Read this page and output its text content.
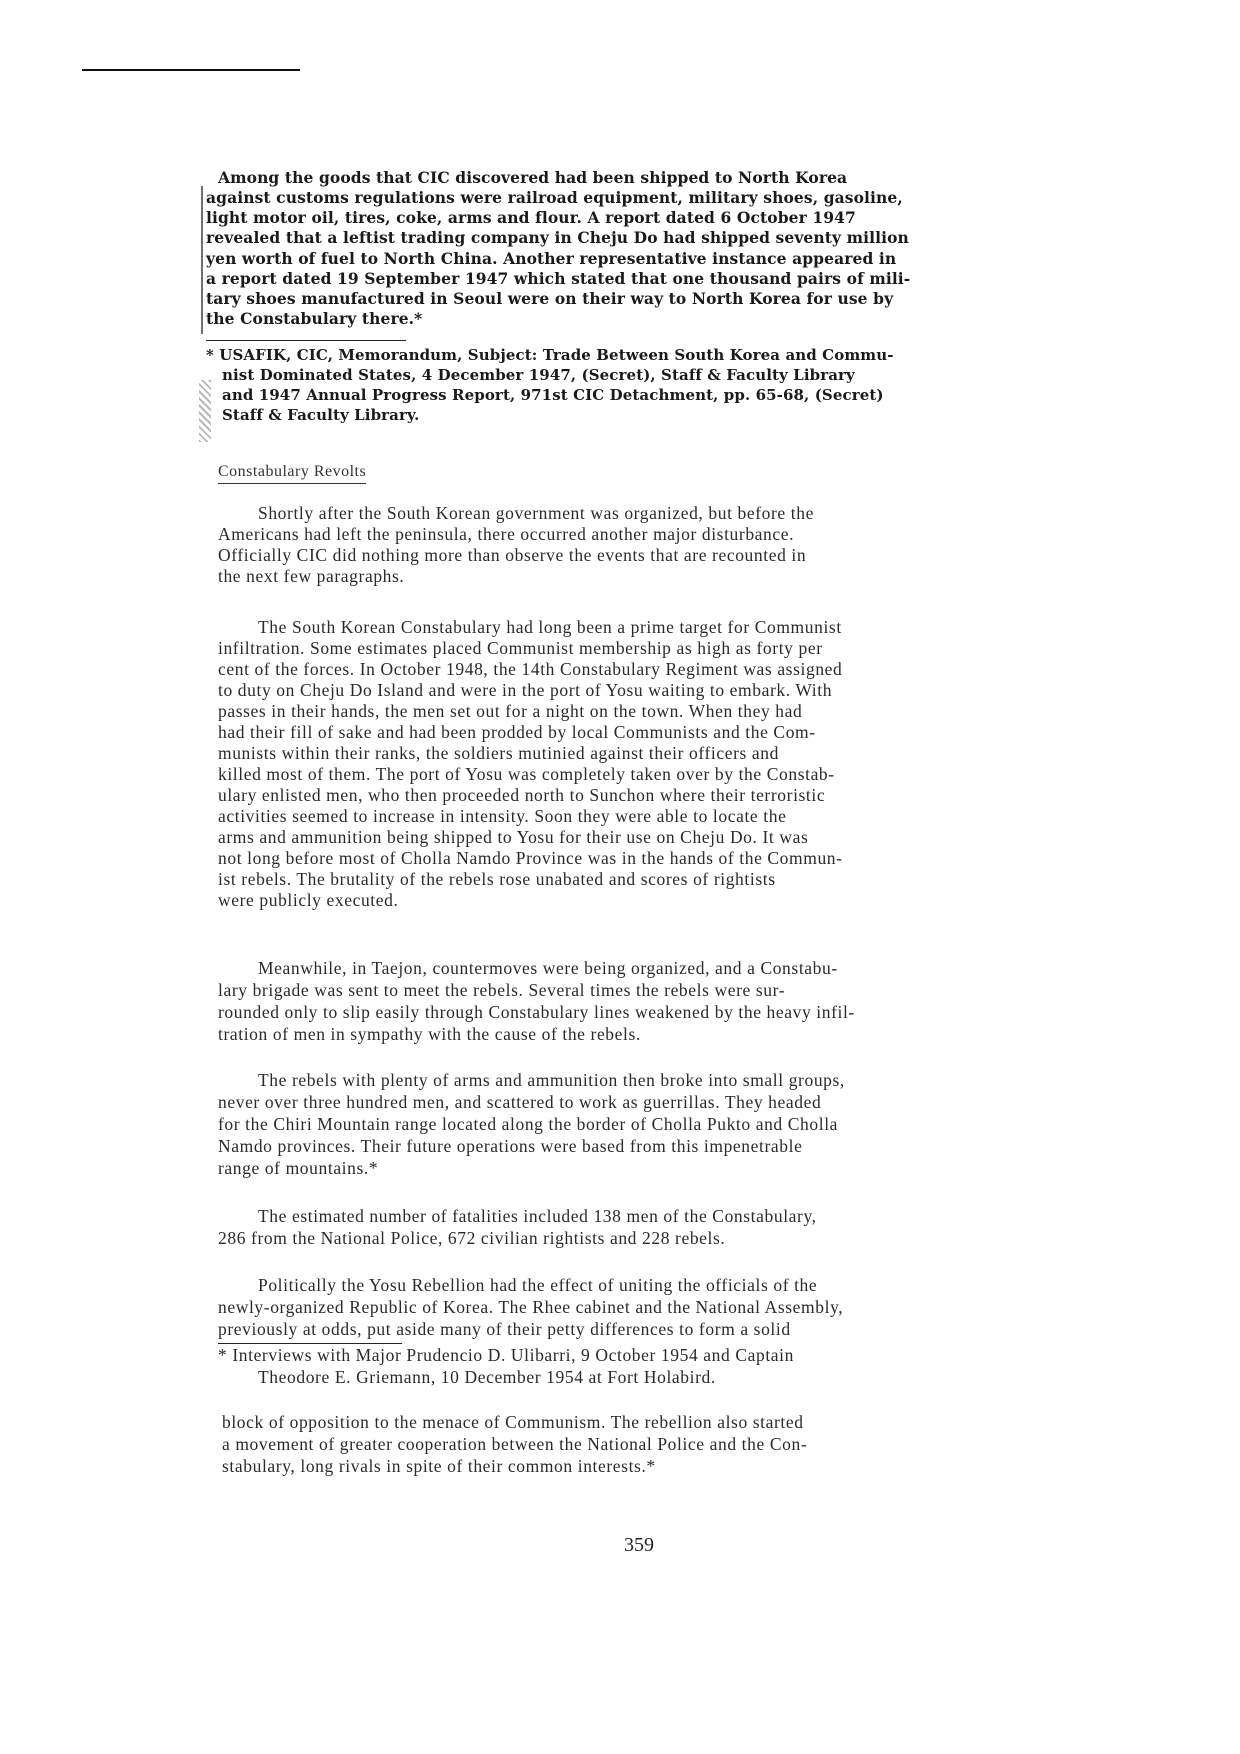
Among the goods that CIC discovered had been shipped to North Korea
against customs regulations were railroad equipment, military shoes, gasoline,
light motor oil, tires, coke, arms and flour. A report dated 6 October 1947
revealed that a leftist trading company in Cheju Do had shipped seventy million
yen worth of fuel to North China. Another representative instance appeared in
a report dated 19 September 1947 which stated that one thousand pairs of mili-
tary shoes manufactured in Seoul were on their way to North Korea for use by
the Constabulary there.*
* USAFIK, CIC, Memorandum, Subject: Trade Between South Korea and Commu-
nist Dominated States, 4 December 1947, (Secret), Staff & Faculty Library
and 1947 Annual Progress Report, 971st CIC Detachment, pp. 65-68, (Secret)
Staff & Faculty Library.
Constabulary Revolts
Shortly after the South Korean government was organized, but before the
Americans had left the peninsula, there occurred another major disturbance.
Officially CIC did nothing more than observe the events that are recounted in
the next few paragraphs.
The South Korean Constabulary had long been a prime target for Communist
infiltration. Some estimates placed Communist membership as high as forty per
cent of the forces. In October 1948, the 14th Constabulary Regiment was assigned
to duty on Cheju Do Island and were in the port of Yosu waiting to embark. With
passes in their hands, the men set out for a night on the town. When they had
had their fill of sake and had been prodded by local Communists and the Com-
munists within their ranks, the soldiers mutinied against their officers and
killed most of them. The port of Yosu was completely taken over by the Constab-
ulary enlisted men, who then proceeded north to Sunchon where their terroristic
activities seemed to increase in intensity. Soon they were able to locate the
arms and ammunition being shipped to Yosu for their use on Cheju Do. It was
not long before most of Cholla Namdo Province was in the hands of the Commun-
ist rebels. The brutality of the rebels rose unabated and scores of rightists
were publicly executed.
Meanwhile, in Taejon, countermoves were being organized, and a Constabu-
lary brigade was sent to meet the rebels. Several times the rebels were sur-
rounded only to slip easily through Constabulary lines weakened by the heavy infil-
tration of men in sympathy with the cause of the rebels.
The rebels with plenty of arms and ammunition then broke into small groups,
never over three hundred men, and scattered to work as guerrillas. They headed
for the Chiri Mountain range located along the border of Cholla Pukto and Cholla
Namdo provinces. Their future operations were based from this impenetrable
range of mountains.*
The estimated number of fatalities included 138 men of the Constabulary,
286 from the National Police, 672 civilian rightists and 228 rebels.
Politically the Yosu Rebellion had the effect of uniting the officials of the
newly-organized Republic of Korea. The Rhee cabinet and the National Assembly,
previously at odds, put aside many of their petty differences to form a solid
* Interviews with Major Prudencio D. Ulibarri, 9 October 1954 and Captain
Theodore E. Griemann, 10 December 1954 at Fort Holabird.
block of opposition to the menace of Communism. The rebellion also started
a movement of greater cooperation between the National Police and the Con-
stabulary, long rivals in spite of their common interests.*
359
